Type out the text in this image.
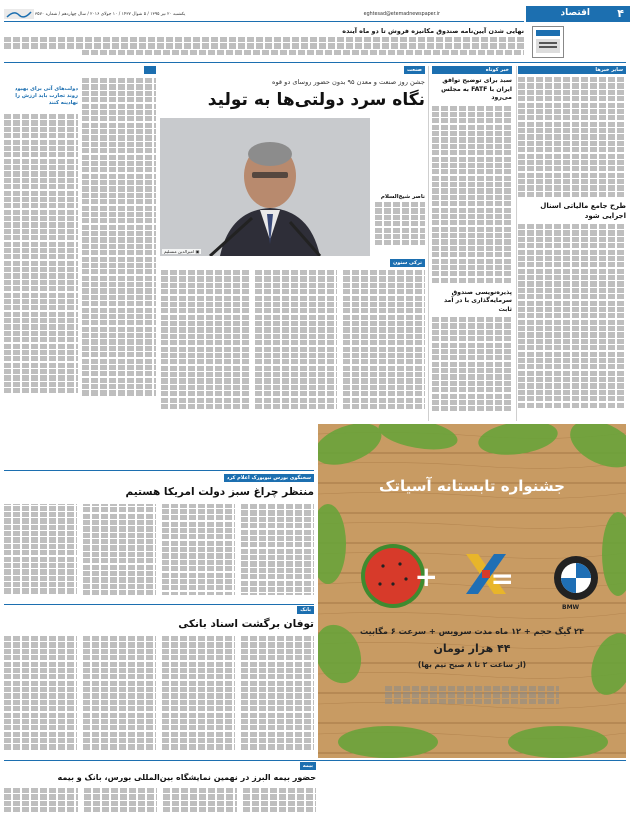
۴
اقتصاد
eghtesad@etemadnewspaper.ir
یکشنبه ۲۰ تیر ۱۳۹۵ / ۵ شوال ۱۴۳۷ / ۱۰ جولای ۲۰۱۶ / سال چهاردهم / شماره ۳۵۷۰
نهایی شدن آیین‌نامه صندوق مکانیزه فروش تا دو ماه آینده
سایر خبرها
طرح جامع مالیاتی اسنال اجرایی شود
خبر کوتاه
سبد برای توضیح توافق ایران با FATF به مجلس می‌رود
پذیره‌نویسی صندوق سرمایه‌گذاری با در آمد ثابت
صنعت
جشن روز صنعت و معدن ۹۵ بدون حضور روسای دو قوه
نگاه سرد دولتی‌ها به تولید
▣ امیرالدین منسلیم
ناصر شیخ‌السلام
ترکی ستون
دولت‌های آتی برای بهبود روند تجارت باید ارزش را نهادینه کنند
سخنگوی بورس نیویورک اعلام کرد
منتظر چراغ سبز دولت امریکا هستیم
بانک
توفان برگشت اسناد بانکی
بیمه
حضور بیمه البرز در نهمین نمایشگاه بین‌المللی بورس، بانک و بیمه
+ =
جشنواره تابستانه آسیاتک
BMW
۲۴ گیگ حجم + ۱۲ ماه مدت سرویس + سرعت ۶ مگابیت
۴۴ هزار تومان
(از ساعت ۲ تا ۸ صبح نیم بها)
